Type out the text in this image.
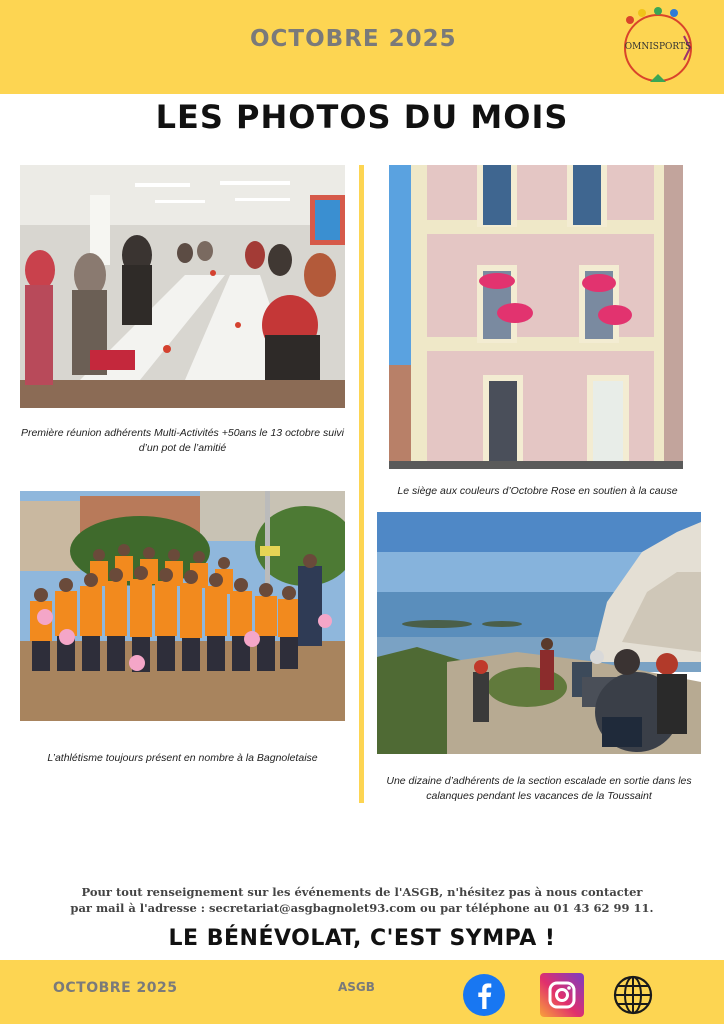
OCTOBRE 2025	OMNISPORTS
LES PHOTOS DU MOIS
Première réunion adhérents Multi-Activités +50ans le 13 octobre suivi d’un pot de l’amitié
Le siège aux couleurs d’Octobre Rose en soutien à la cause
L’athlétisme toujours présent en nombre à la Bagnoletaise
Une dizaine d’adhérents de la section escalade en sortie dans les calanques pendant les vacances de la Toussaint
Pour tout renseignement sur les événements de l'ASGB, n'hésitez pas à nous contacter
par mail à l'adresse : secretariat@asgbagnolet93.com ou par téléphone au 01 43 62 99 11.
LE BÉNÉVOLAT, C'EST SYMPA !
OCTOBRE 2025	ASGB
